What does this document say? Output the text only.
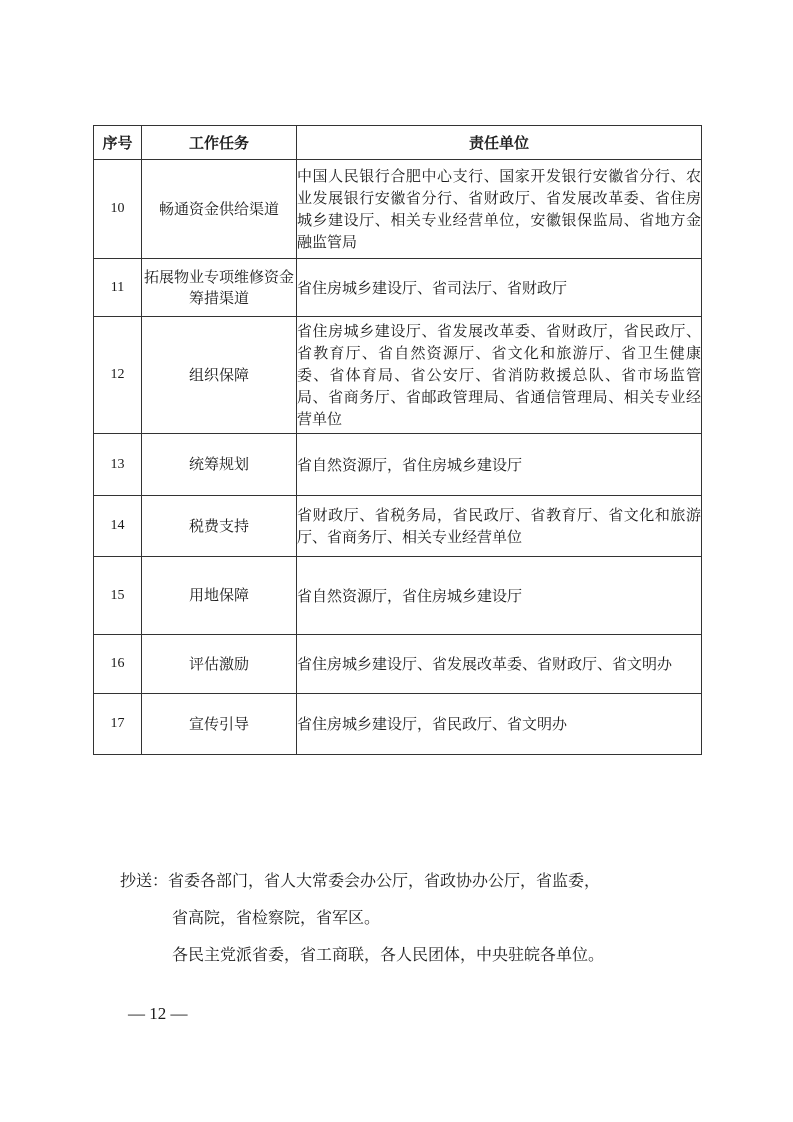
序号	工作任务	责任单位
10	畅通资金供给渠道	中国人民银行合肥中心支行、国家开发银行安徽省分行、农业发展银行安徽省分行、省财政厅、省发展改革委、省住房城乡建设厅、相关专业经营单位，安徽银保监局、省地方金融监管局
11	拓展物业专项维修资金筹措渠道	省住房城乡建设厅、省司法厅、省财政厅
12	组织保障	省住房城乡建设厅、省发展改革委、省财政厅，省民政厅、省教育厅、省自然资源厅、省文化和旅游厅、省卫生健康委、省体育局、省公安厅、省消防救援总队、省市场监管局、省商务厅、省邮政管理局、省通信管理局、相关专业经营单位
13	统筹规划	省自然资源厅，省住房城乡建设厅
14	税费支持	省财政厅、省税务局，省民政厅、省教育厅、省文化和旅游厅、省商务厅、相关专业经营单位
15	用地保障	省自然资源厅，省住房城乡建设厅
16	评估激励	省住房城乡建设厅、省发展改革委、省财政厅、省文明办
17	宣传引导	省住房城乡建设厅，省民政厅、省文明办
抄送：省委各部门，省人大常委会办公厅，省政协办公厅，省监委，
省高院，省检察院，省军区。
各民主党派省委，省工商联，各人民团体，中央驻皖各单位。
— 12 —
